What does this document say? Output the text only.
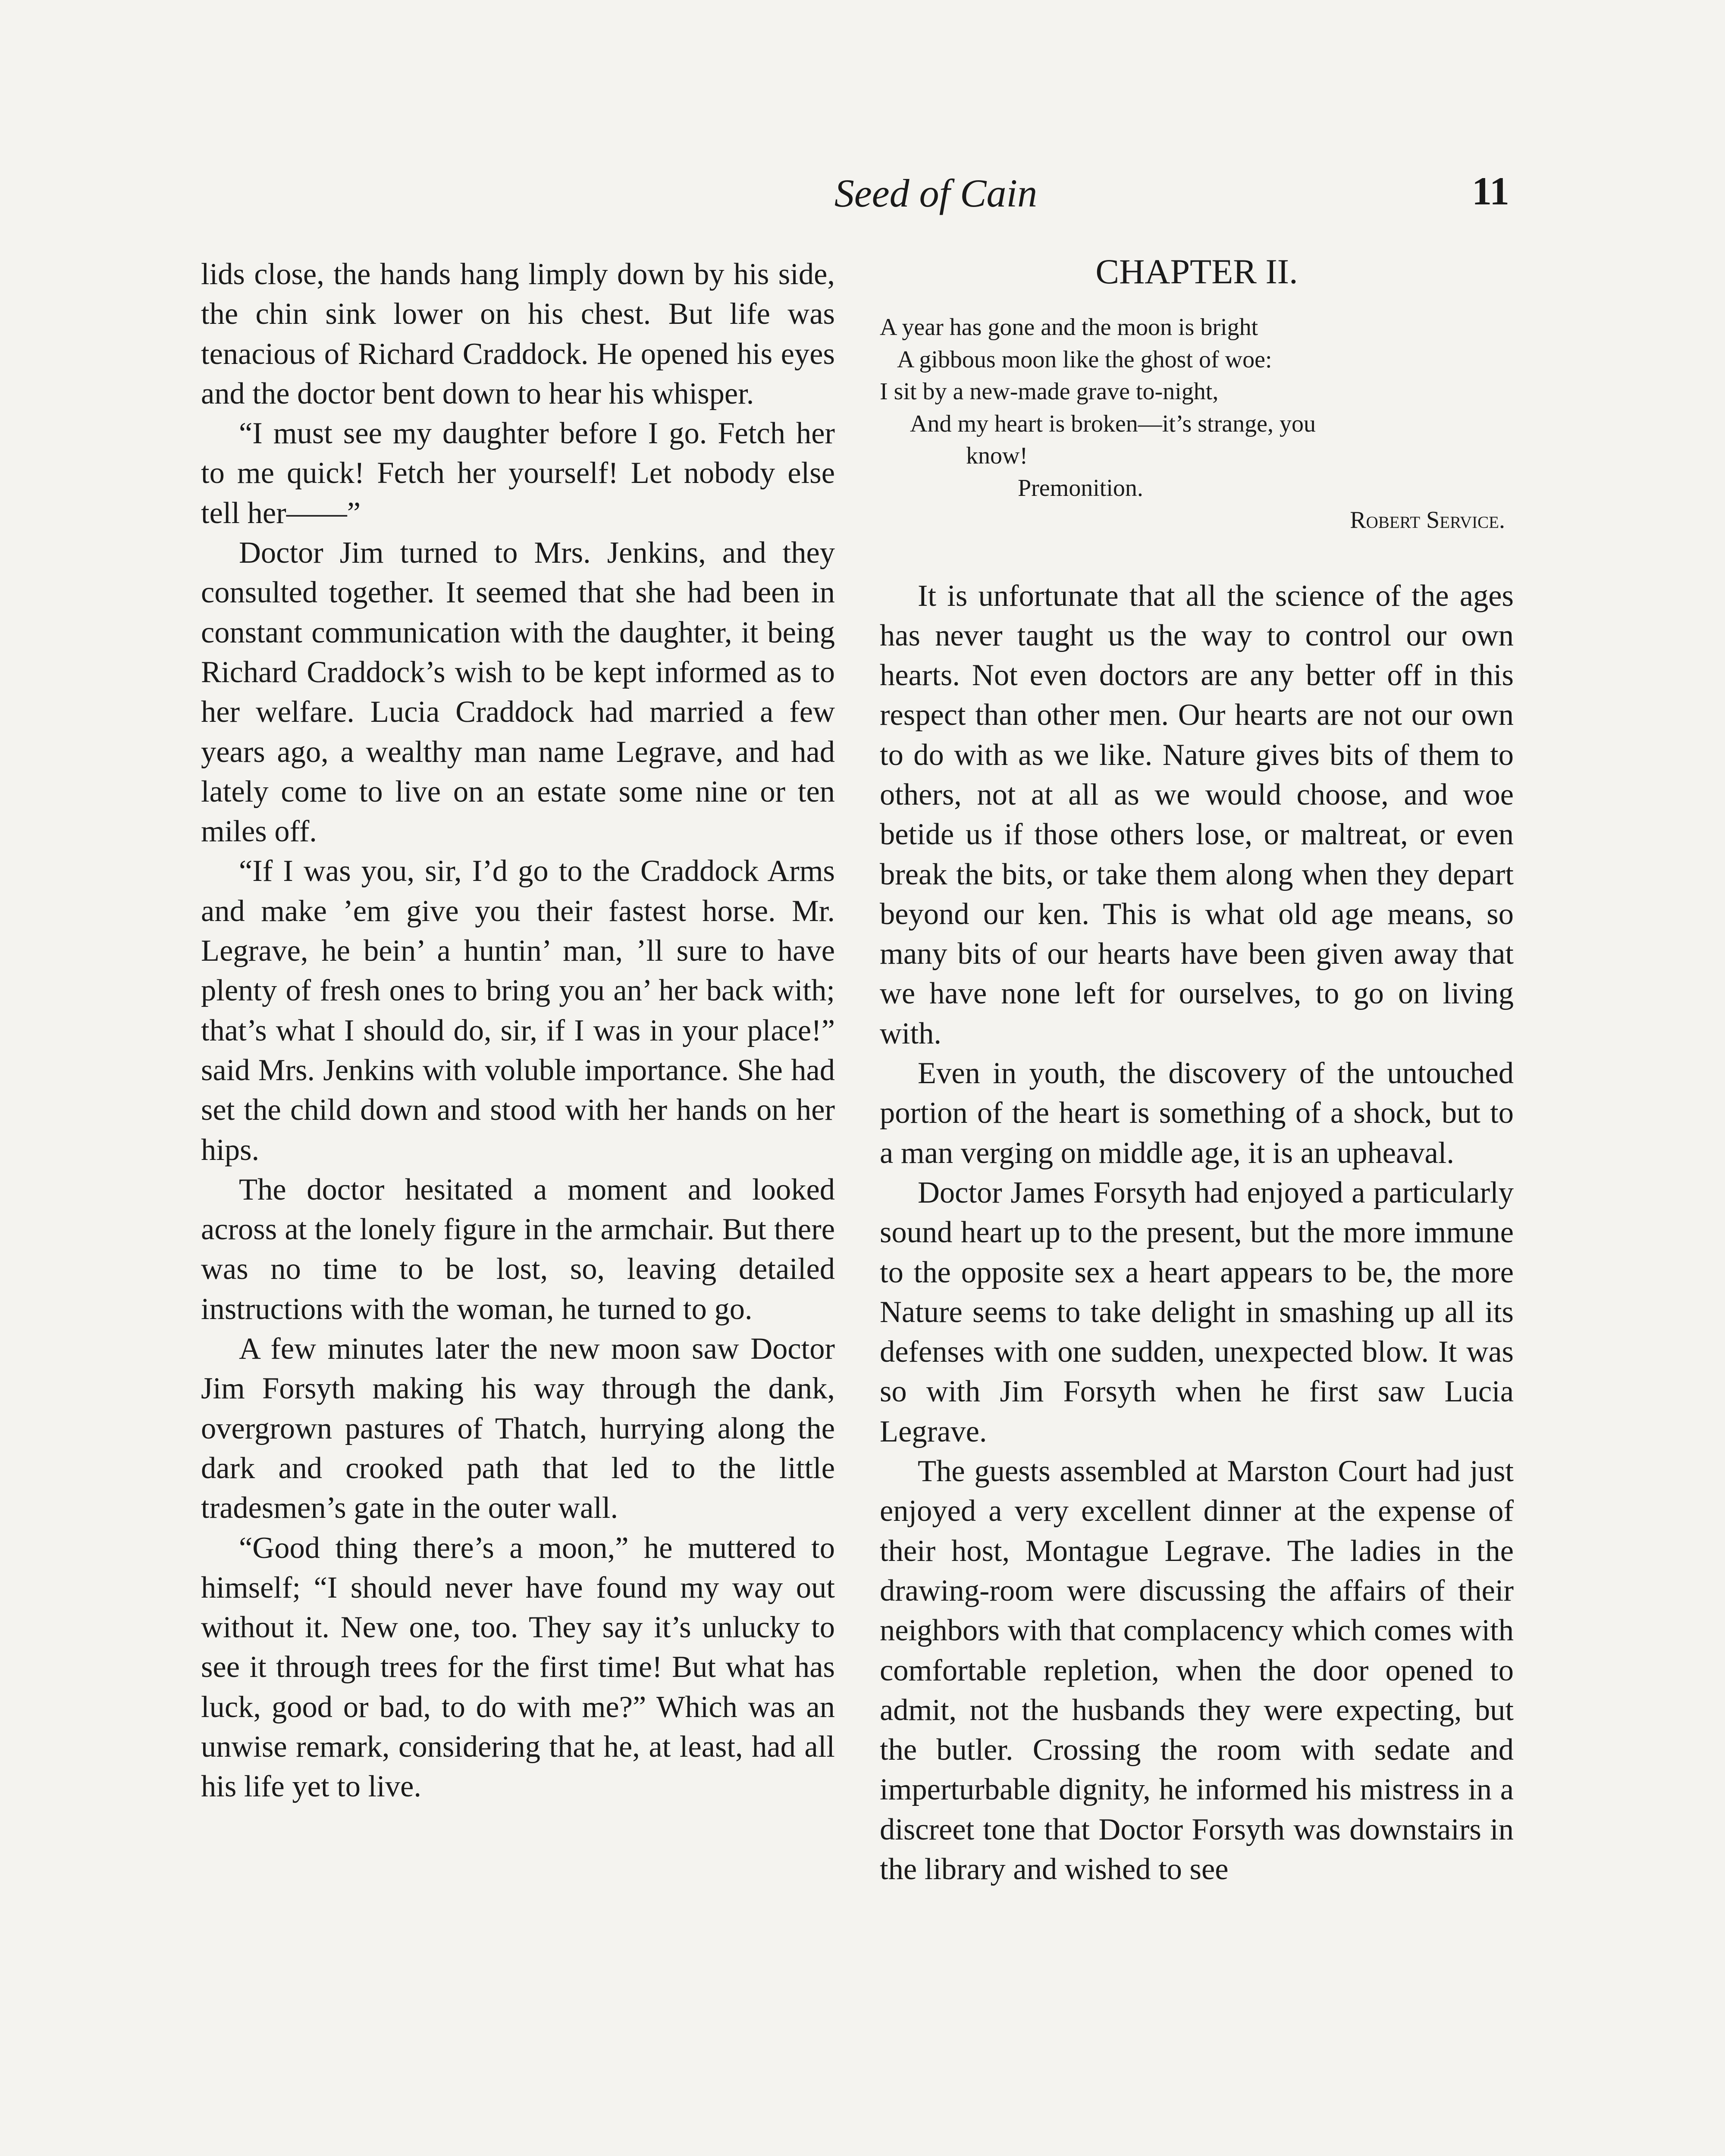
Seed of Cain	11

lids close, the hands hang limply down by his side, the chin sink lower on his chest. But life was tenacious of Richard Craddock. He opened his eyes and the doctor bent down to hear his whisper.

“I must see my daughter before I go. Fetch her to me quick! Fetch her yourself! Let nobody else tell her——”

Doctor Jim turned to Mrs. Jenkins, and they consulted together. It seemed that she had been in constant communication with the daughter, it being Richard Craddock’s wish to be kept informed as to her welfare. Lucia Craddock had married a few years ago, a wealthy man name Legrave, and had lately come to live on an estate some nine or ten miles off.

“If I was you, sir, I’d go to the Craddock Arms and make ’em give you their fastest horse. Mr. Legrave, he bein’ a huntin’ man, ’ll sure to have plenty of fresh ones to bring you an’ her back with; that’s what I should do, sir, if I was in your place!” said Mrs. Jenkins with voluble importance. She had set the child down and stood with her hands on her hips.

The doctor hesitated a moment and looked across at the lonely figure in the armchair. But there was no time to be lost, so, leaving detailed instructions with the woman, he turned to go.

A few minutes later the new moon saw Doctor Jim Forsyth making his way through the dank, overgrown pastures of Thatch, hurrying along the dark and crooked path that led to the little tradesmen’s gate in the outer wall.

“Good thing there’s a moon,” he muttered to himself; “I should never have found my way out without it. New one, too. They say it’s unlucky to see it through trees for the first time! But what has luck, good or bad, to do with me?” Which was an unwise remark, considering that he, at least, had all his life yet to live.

CHAPTER II.
A year has gone and the moon is bright
A gibbous moon like the ghost of woe:
I sit by a new-made grave to-night,
And my heart is broken—it’s strange, you
know!
Premonition.
Robert Service.

It is unfortunate that all the science of the ages has never taught us the way to control our own hearts. Not even doctors are any better off in this respect than other men. Our hearts are not our own to do with as we like. Nature gives bits of them to others, not at all as we would choose, and woe betide us if those others lose, or maltreat, or even break the bits, or take them along when they depart beyond our ken. This is what old age means, so many bits of our hearts have been given away that we have none left for ourselves, to go on living with.

Even in youth, the discovery of the untouched portion of the heart is something of a shock, but to a man verging on middle age, it is an upheaval.

Doctor James Forsyth had enjoyed a particularly sound heart up to the present, but the more immune to the opposite sex a heart appears to be, the more Nature seems to take delight in smashing up all its defenses with one sudden, unexpected blow. It was so with Jim Forsyth when he first saw Lucia Legrave.

The guests assembled at Marston Court had just enjoyed a very excellent dinner at the expense of their host, Montague Legrave. The ladies in the drawing-room were discussing the affairs of their neighbors with that complacency which comes with comfortable repletion, when the door opened to admit, not the husbands they were expecting, but the butler. Crossing the room with sedate and imperturbable dignity, he informed his mistress in a discreet tone that Doctor Forsyth was downstairs in the library and wished to see
